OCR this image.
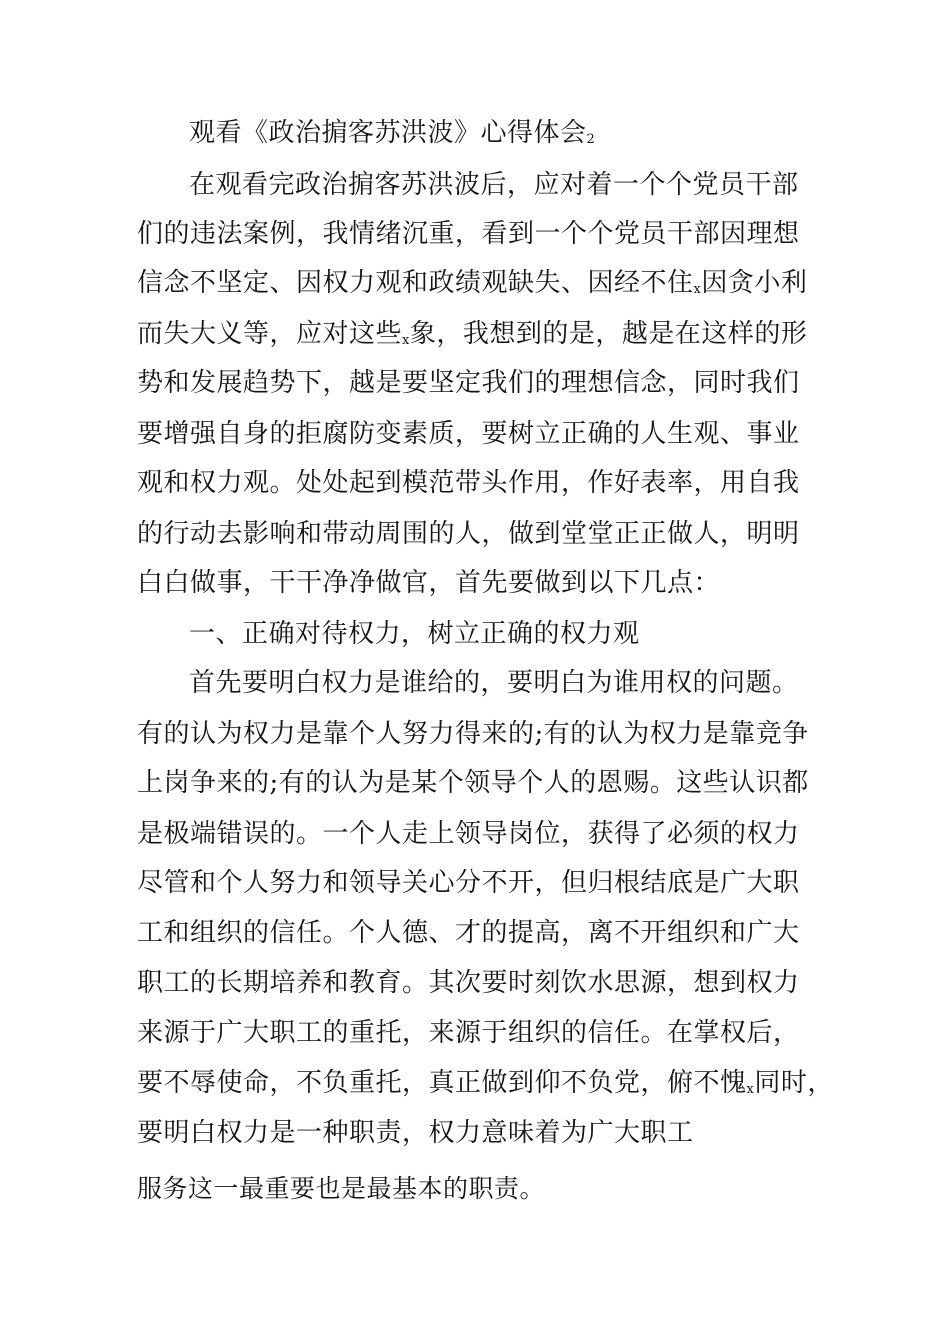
观看《政治掮客苏洪波》心得体会2
在观看完政治掮客苏洪波后，应对着一个个党员干部
们的违法案例，我情绪沉重，看到一个个党员干部因理想
信念不坚定、因权力观和政绩观缺失、因经不住x因贪小利
而失大义等，应对这些x象，我想到的是，越是在这样的形
势和发展趋势下，越是要坚定我们的理想信念，同时我们
要增强自身的拒腐防变素质，要树立正确的人生观、事业
观和权力观。处处起到模范带头作用，作好表率，用自我
的行动去影响和带动周围的人，做到堂堂正正做人，明明
白白做事，干干净净做官，首先要做到以下几点：
一、正确对待权力，树立正确的权力观
首先要明白权力是谁给的，要明白为谁用权的问题。
有的认为权力是靠个人努力得来的;有的认为权力是靠竞争
上岗争来的;有的认为是某个领导个人的恩赐。这些认识都
是极端错误的。一个人走上领导岗位，获得了必须的权力
尽管和个人努力和领导关心分不开，但归根结底是广大职
工和组织的信任。个人德、才的提高，离不开组织和广大
职工的长期培养和教育。其次要时刻饮水思源，想到权力
来源于广大职工的重托，来源于组织的信任。在掌权后，
要不辱使命，不负重托，真正做到仰不负党，俯不愧x同时，
要明白权力是一种职责，权力意味着为广大职工
服务这一最重要也是最基本的职责。
